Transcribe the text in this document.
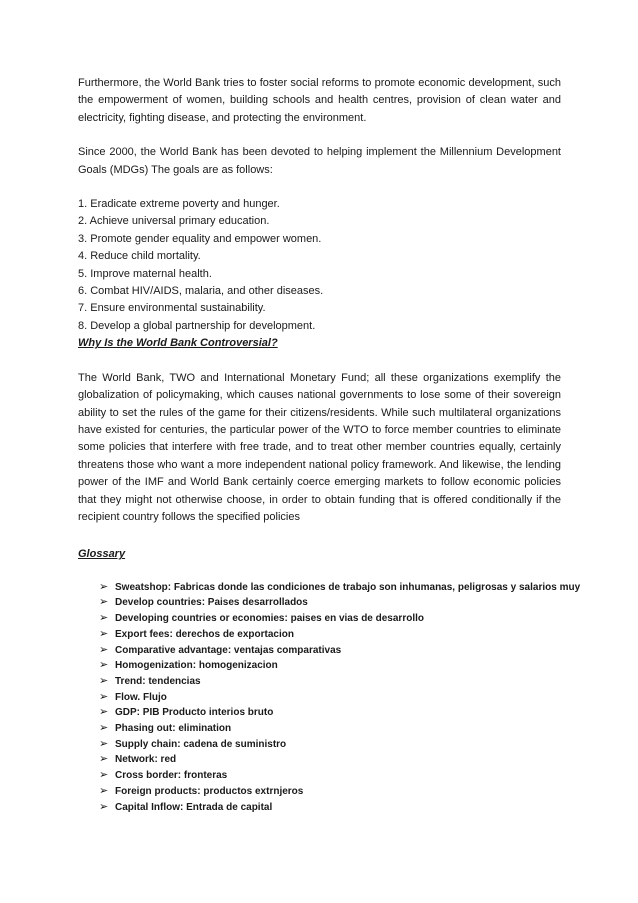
Furthermore, the World Bank tries to foster social reforms to promote economic development, such the empowerment of women, building schools and health centres, provision of clean water and electricity, fighting disease, and protecting the environment.

Since 2000, the World Bank has been devoted to helping implement the Millennium Development Goals (MDGs) The goals are as follows:

1. Eradicate extreme poverty and hunger.
2. Achieve universal primary education.
3. Promote gender equality and empower women.
4. Reduce child mortality.
5. Improve maternal health.
6. Combat HIV/AIDS, malaria, and other diseases.
7. Ensure environmental sustainability.
8. Develop a global partnership for development.

Why Is the World Bank Controversial?

The World Bank, TWO and International Monetary Fund; all these organizations exemplify the globalization of policymaking, which causes national governments to lose some of their sovereign ability to set the rules of the game for their citizens/residents. While such multilateral organizations have existed for centuries, the particular power of the WTO to force member countries to eliminate some policies that interfere with free trade, and to treat other member countries equally, certainly threatens those who want a more independent national policy framework. And likewise, the lending power of the IMF and World Bank certainly coerce emerging markets to follow economic policies that they might not otherwise choose, in order to obtain funding that is offered conditionally if the recipient country follows the specified policies

Glossary

➢ Sweatshop: Fabricas donde las condiciones de trabajo son inhumanas, peligrosas y salarios muy
➢ Develop countries: Paises desarrollados
➢ Developing countries or economies: paises en vias de desarrollo
➢ Export fees: derechos de exportacion
➢ Comparative advantage: ventajas comparativas
➢ Homogenization: homogenizacion
➢ Trend: tendencias
➢ Flow. Flujo
➢ GDP: PIB Producto interios bruto
➢ Phasing out: elimination
➢ Supply chain: cadena de suministro
➢ Network: red
➢ Cross border: fronteras
➢ Foreign products: productos extrnjeros
➢ Capital Inflow: Entrada de capital
